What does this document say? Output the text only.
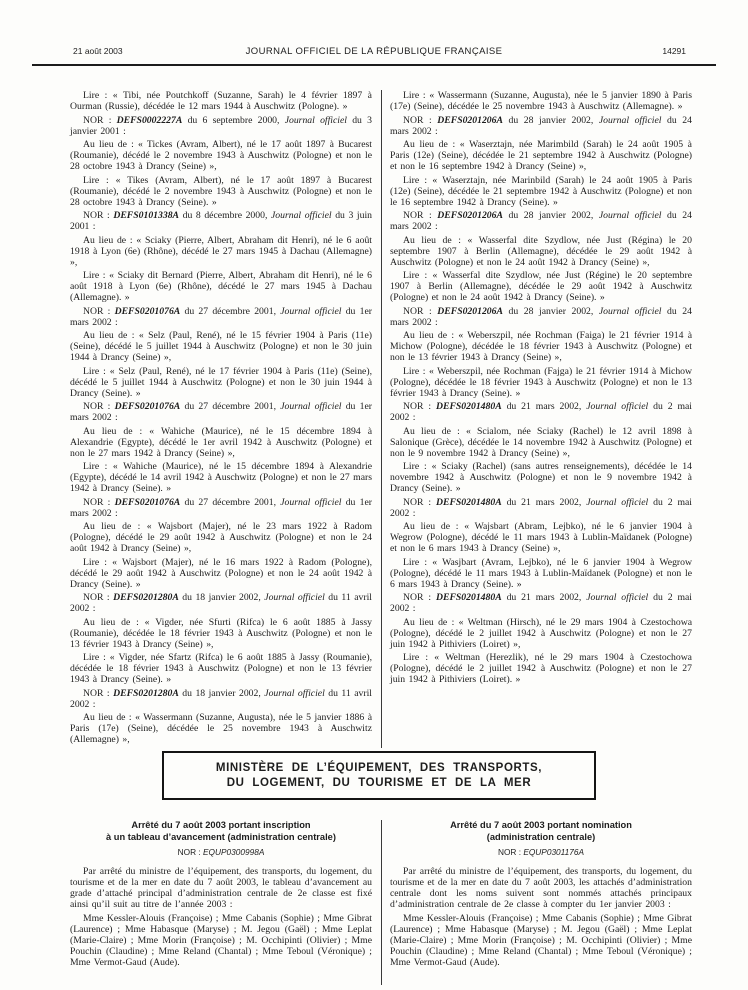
21 août 2003	JOURNAL OFFICIEL DE LA RÉPUBLIQUE FRANÇAISE	14291

Lire : « Tibi, née Poutchkoff (Suzanne, Sarah) le 4 février 1897 à Ourman (Russie), décédée le 12 mars 1944 à Auschwitz (Pologne). »

NOR : DEFS0002227A du 6 septembre 2000, Journal officiel du 3 janvier 2001 :

Au lieu de : « Tickes (Avram, Albert), né le 17 août 1897 à Bucarest (Roumanie), décédé le 2 novembre 1943 à Auschwitz (Pologne) et non le 28 octobre 1943 à Drancy (Seine) »,

Lire : « Tikes (Avram, Albert), né le 17 août 1897 à Bucarest (Roumanie), décédé le 2 novembre 1943 à Auschwitz (Pologne) et non le 28 octobre 1943 à Drancy (Seine). »

NOR : DEFS0101338A du 8 décembre 2000, Journal officiel du 3 juin 2001 :

Au lieu de : « Sciaky (Pierre, Albert, Abraham dit Henri), né le 6 août 1918 à Lyon (6e) (Rhône), décédé le 27 mars 1945 à Dachau (Allemagne) »,

Lire : « Sciaky dit Bernard (Pierre, Albert, Abraham dit Henri), né le 6 août 1918 à Lyon (6e) (Rhône), décédé le 27 mars 1945 à Dachau (Allemagne). »

NOR : DEFS0201076A du 27 décembre 2001, Journal officiel du 1er mars 2002 :

Au lieu de : « Selz (Paul, René), né le 15 février 1904 à Paris (11e) (Seine), décédé le 5 juillet 1944 à Auschwitz (Pologne) et non le 30 juin 1944 à Drancy (Seine) »,

Lire : « Selz (Paul, René), né le 17 février 1904 à Paris (11e) (Seine), décédé le 5 juillet 1944 à Auschwitz (Pologne) et non le 30 juin 1944 à Drancy (Seine). »

NOR : DEFS0201076A du 27 décembre 2001, Journal officiel du 1er mars 2002 :

Au lieu de : « Wahiche (Maurice), né le 15 décembre 1894 à Alexandrie (Egypte), décédé le 1er avril 1942 à Auschwitz (Pologne) et non le 27 mars 1942 à Drancy (Seine) »,

Lire : « Wahiche (Maurice), né le 15 décembre 1894 à Alexandrie (Egypte), décédé le 14 avril 1942 à Auschwitz (Pologne) et non le 27 mars 1942 à Drancy (Seine). »

NOR : DEFS0201076A du 27 décembre 2001, Journal officiel du 1er mars 2002 :

Au lieu de : « Wajsbort (Majer), né le 23 mars 1922 à Radom (Pologne), décédé le 29 août 1942 à Auschwitz (Pologne) et non le 24 août 1942 à Drancy (Seine) »,

Lire : « Wajsbort (Majer), né le 16 mars 1922 à Radom (Pologne), décédé le 29 août 1942 à Auschwitz (Pologne) et non le 24 août 1942 à Drancy (Seine). »

NOR : DEFS0201280A du 18 janvier 2002, Journal officiel du 11 avril 2002 :

Au lieu de : « Vigder, née Sfurti (Rifca) le 6 août 1885 à Jassy (Roumanie), décédée le 18 février 1943 à Auschwitz (Pologne) et non le 13 février 1943 à Drancy (Seine) »,

Lire : « Vigder, née Sfartz (Rifca) le 6 août 1885 à Jassy (Roumanie), décédée le 18 février 1943 à Auschwitz (Pologne) et non le 13 février 1943 à Drancy (Seine). »

NOR : DEFS0201280A du 18 janvier 2002, Journal officiel du 11 avril 2002 :

Au lieu de : « Wassermann (Suzanne, Augusta), née le 5 janvier 1886 à Paris (17e) (Seine), décédée le 25 novembre 1943 à Auschwitz (Allemagne) »,

Lire : « Wassermann (Suzanne, Augusta), née le 5 janvier 1890 à Paris (17e) (Seine), décédée le 25 novembre 1943 à Auschwitz (Allemagne). »

NOR : DEFS0201206A du 28 janvier 2002, Journal officiel du 24 mars 2002 :

Au lieu de : « Waserztajn, née Marimbild (Sarah) le 24 août 1905 à Paris (12e) (Seine), décédée le 21 septembre 1942 à Auschwitz (Pologne) et non le 16 septembre 1942 à Drancy (Seine) »,

Lire : « Waserztajn, née Marinbild (Sarah) le 24 août 1905 à Paris (12e) (Seine), décédée le 21 septembre 1942 à Auschwitz (Pologne) et non le 16 septembre 1942 à Drancy (Seine). »

NOR : DEFS0201206A du 28 janvier 2002, Journal officiel du 24 mars 2002 :

Au lieu de : « Wasserfal dite Szydlow, née Just (Régina) le 20 septembre 1907 à Berlin (Allemagne), décédée le 29 août 1942 à Auschwitz (Pologne) et non le 24 août 1942 à Drancy (Seine) »,

Lire : « Wasserfal dite Szydlow, née Just (Régine) le 20 septembre 1907 à Berlin (Allemagne), décédée le 29 août 1942 à Auschwitz (Pologne) et non le 24 août 1942 à Drancy (Seine). »

NOR : DEFS0201206A du 28 janvier 2002, Journal officiel du 24 mars 2002 :

Au lieu de : « Weberszpil, née Rochman (Faiga) le 21 février 1914 à Michow (Pologne), décédée le 18 février 1943 à Auschwitz (Pologne) et non le 13 février 1943 à Drancy (Seine) »,

Lire : « Weberszpil, née Rochman (Fajga) le 21 février 1914 à Michow (Pologne), décédée le 18 février 1943 à Auschwitz (Pologne) et non le 13 février 1943 à Drancy (Seine). »

NOR : DEFS0201480A du 21 mars 2002, Journal officiel du 2 mai 2002 :

Au lieu de : « Scialom, née Sciaky (Rachel) le 12 avril 1898 à Salonique (Grèce), décédée le 14 novembre 1942 à Auschwitz (Pologne) et non le 9 novembre 1942 à Drancy (Seine) »,

Lire : « Sciaky (Rachel) (sans autres renseignements), décédée le 14 novembre 1942 à Auschwitz (Pologne) et non le 9 novembre 1942 à Drancy (Seine). »

NOR : DEFS0201480A du 21 mars 2002, Journal officiel du 2 mai 2002 :

Au lieu de : « Wajsbart (Abram, Lejbko), né le 6 janvier 1904 à Wegrow (Pologne), décédé le 11 mars 1943 à Lublin-Maïdanek (Pologne) et non le 6 mars 1943 à Drancy (Seine) »,

Lire : « Wasjbart (Avram, Lejbko), né le 6 janvier 1904 à Wegrow (Pologne), décédé le 11 mars 1943 à Lublin-Maïdanek (Pologne) et non le 6 mars 1943 à Drancy (Seine). »

NOR : DEFS0201480A du 21 mars 2002, Journal officiel du 2 mai 2002 :

Au lieu de : « Weltman (Hirsch), né le 29 mars 1904 à Czestochowa (Pologne), décédé le 2 juillet 1942 à Auschwitz (Pologne) et non le 27 juin 1942 à Pithiviers (Loiret) »,

Lire : « Weltman (Herezlik), né le 29 mars 1904 à Czestochowa (Pologne), décédé le 2 juillet 1942 à Auschwitz (Pologne) et non le 27 juin 1942 à Pithiviers (Loiret). »

MINISTÈRE DE L’ÉQUIPEMENT, DES TRANSPORTS,
DU LOGEMENT, DU TOURISME ET DE LA MER

Arrêté du 7 août 2003 portant inscription
à un tableau d’avancement (administration centrale)

NOR : EQUP0300998A

Par arrêté du ministre de l’équipement, des transports, du logement, du tourisme et de la mer en date du 7 août 2003, le tableau d’avancement au grade d’attaché principal d’administration centrale de 2e classe est fixé ainsi qu’il suit au titre de l’année 2003 :

Mme Kessler-Alouis (Françoise) ; Mme Cabanis (Sophie) ; Mme Gibrat (Laurence) ; Mme Habasque (Maryse) ; M. Jegou (Gaël) ; Mme Leplat (Marie-Claire) ; Mme Morin (Françoise) ; M. Occhipinti (Olivier) ; Mme Pouchin (Claudine) ; Mme Reland (Chantal) ; Mme Teboul (Véronique) ; Mme Vermot-Gaud (Aude).

Arrêté du 7 août 2003 portant nomination
(administration centrale)

NOR : EQUP0301176A

Par arrêté du ministre de l’équipement, des transports, du logement, du tourisme et de la mer en date du 7 août 2003, les attachés d’administration centrale dont les noms suivent sont nommés attachés principaux d’administration centrale de 2e classe à compter du 1er janvier 2003 :

Mme Kessler-Alouis (Françoise) ; Mme Cabanis (Sophie) ; Mme Gibrat (Laurence) ; Mme Habasque (Maryse) ; M. Jegou (Gaël) ; Mme Leplat (Marie-Claire) ; Mme Morin (Françoise) ; M. Occhipinti (Olivier) ; Mme Pouchin (Claudine) ; Mme Reland (Chantal) ; Mme Teboul (Véronique) ; Mme Vermot-Gaud (Aude).
